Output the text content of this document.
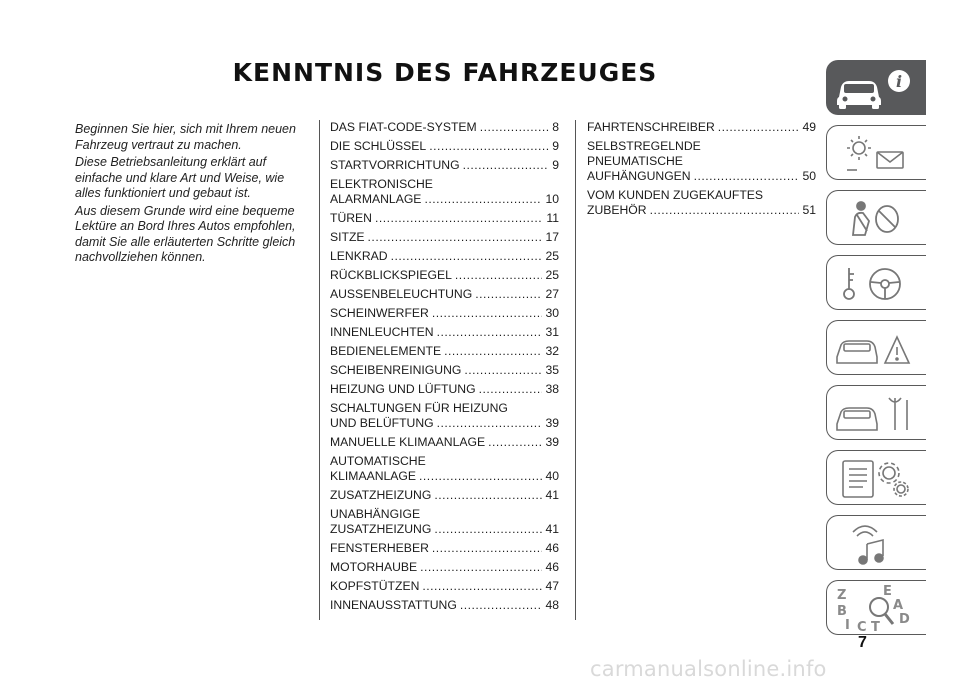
KENNTNIS DES FAHRZEUGES

Beginnen Sie hier, sich mit Ihrem neuen Fahrzeug vertraut zu machen.

Diese Betriebsanleitung erklärt auf einfache und klare Art und Weise, wie alles funktioniert und gebaut ist.

Aus diesem Grunde wird eine bequeme Lektüre an Bord Ihres Autos empfohlen, damit Sie alle erläuterten Schritte gleich nachvollziehen können.

DAS FIAT-CODE-SYSTEM .....	8
DIE SCHLÜSSEL .....	9
STARTVORRICHTUNG .....	9
ELEKTRONISCHE
ALARMANLAGE .....	10
TÜREN .....	11
SITZE .....	17
LENKRAD .....	25
RÜCKBLICKSPIEGEL .....	25
AUSSENBELEUCHTUNG .....	27
SCHEINWERFER .....	30
INNENLEUCHTEN .....	31
BEDIENELEMENTE .....	32
SCHEIBENREINIGUNG .....	35
HEIZUNG UND LÜFTUNG .....	38
SCHALTUNGEN FÜR HEIZUNG
UND BELÜFTUNG .....	39
MANUELLE KLIMAANLAGE .....	39
AUTOMATISCHE
KLIMAANLAGE .....	40
ZUSATZHEIZUNG .....	41
UNABHÄNGIGE
ZUSATZHEIZUNG .....	41
FENSTERHEBER .....	46
MOTORHAUBE .....	46
KOPFSTÜTZEN .....	47
INNENAUSSTATTUNG .....	48
FAHRTENSCHREIBER .....	49
SELBSTREGELNDE
PNEUMATISCHE
AUFHÄNGUNGEN .....	50
VOM KUNDEN ZUGEKAUFTES
ZUBEHÖR .....	51
i
Z	E
B	A
D
I C T
7
carmanualsonline.info
